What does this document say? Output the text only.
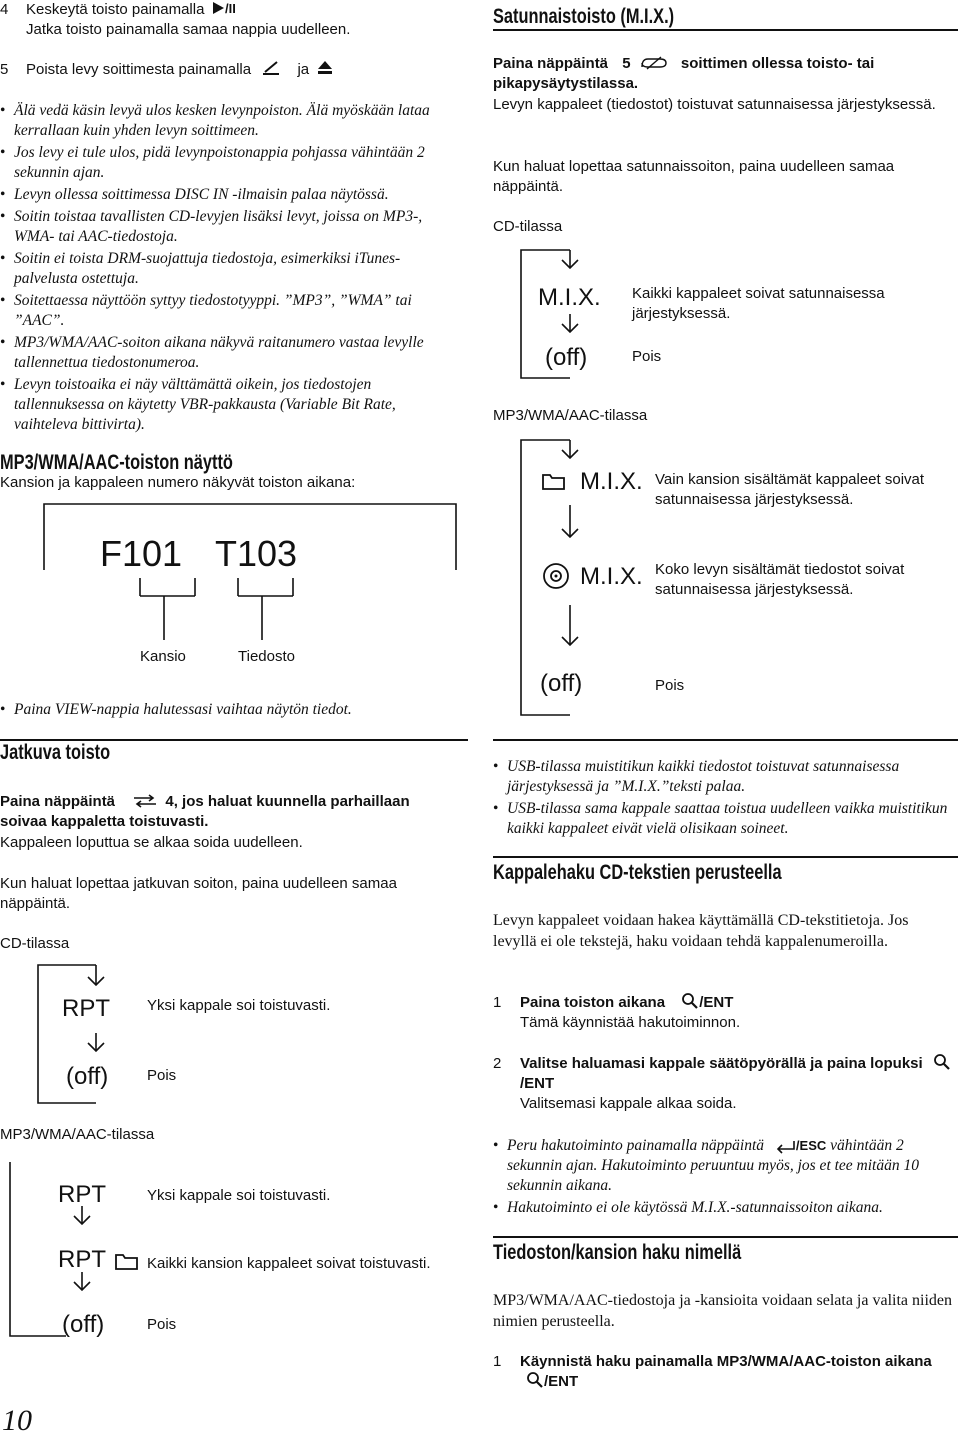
4 Keskeytä toisto painamalla /II
Jatka toisto painamalla samaa nappia uudelleen.
5 Poista levy soittimesta painamalla	ja
• Älä vedä käsin levyä ulos kesken levynpoiston. Älä myöskään lataa kerrallaan kuin yhden levyn soittimeen.
• Jos levy ei tule ulos, pidä levynpoistonappia pohjassa vähintään 2 sekunnin ajan.
• Levyn ollessa soittimessa DISC IN -ilmaisin palaa näytössä.
• Soitin toistaa tavallisten CD-levyjen lisäksi levyt, joissa on MP3-, WMA- tai AAC-tiedostoja.
• Soitin ei toista DRM-suojattuja tiedostoja, esimerkiksi iTunes-palvelusta ostettuja.
• Soitettaessa näyttöön syttyy tiedostotyyppi. ”MP3”, ”WMA” tai ”AAC”.
• MP3/WMA/AAC-soiton aikana näkyvä raitanumero vastaa levylle tallennettua tiedostonumeroa.
• Levyn toistoaika ei näy välttämättä oikein, jos tiedostojen tallennuksessa on käytetty VBR-pakkausta (Variable Bit Rate, vaihteleva bittivirta).
MP3/WMA/AAC-toiston näyttö
Kansion ja kappaleen numero näkyvät toiston aikana:
F101 T103
Kansio	Tiedosto
• Paina VIEW-nappia halutessasi vaihtaa näytön tiedot.
Jatkuva toisto
Paina näppäintä	4, jos haluat kuunnella parhaillaan soivaa kappaletta toistuvasti.
Kappaleen loputtua se alkaa soida uudelleen.
Kun haluat lopettaa jatkuvan soiton, paina uudelleen samaa näppäintä.
CD-tilassa
RPT Yksi kappale soi toistuvasti.
(off)	Pois
MP3/WMA/AAC-tilassa
RPT	Yksi kappale soi toistuvasti.
RPT	Kaikki kansion kappaleet soivat toistuvasti.
(off)	Pois
10
Satunnaistoisto (M.I.X.)
Paina näppäintä 5	soittimen ollessa toisto- tai pikapysäytystilassa.
Levyn kappaleet (tiedostot) toistuvat satunnaisessa järjestyksessä.
Kun haluat lopettaa satunnaissoiton, paina uudelleen samaa näppäintä.
CD-tilassa
M.I.X. Kaikki kappaleet soivat satunnaisessa järjestyksessä.
(off)	Pois
MP3/WMA/AAC-tilassa
M.I.X. Vain kansion sisältämät kappaleet soivat satunnaisessa järjestyksessä.
M.I.X. Koko levyn sisältämät tiedostot soivat satunnaisessa järjestyksessä.
(off)	Pois
• USB-tilassa muistitikun kaikki tiedostot toistuvat satunnaisessa järjestyksessä ja ”M.I.X.”teksti palaa.
• USB-tilassa sama kappale saattaa toistua uudelleen vaikka muistitikun kaikki kappaleet eivät vielä olisikaan soineet.
Kappalehaku CD-tekstien perusteella
Levyn kappaleet voidaan hakea käyttämällä CD-tekstitietoja. Jos levyllä ei ole tekstejä, haku voidaan tehdä kappalenumeroilla.
1 Paina toiston aikana /ENT
Tämä käynnistää hakutoiminnon.
2 Valitse haluamasi kappale säätöpyörällä ja paina lopuksi /ENT
Valitsemasi kappale alkaa soida.
• Peru hakutoiminto painamalla näppäintä /ESC vähintään 2 sekunnin ajan. Hakutoiminto peruuntuu myös, jos et tee mitään 10 sekunnin aikana.
• Hakutoiminto ei ole käytössä M.I.X.-satunnaissoiton aikana.
Tiedoston/kansion haku nimellä
MP3/WMA/AAC-tiedostoja ja -kansioita voidaan selata ja valita niiden nimien perusteella.
1 Käynnistä haku painamalla MP3/WMA/AAC-toiston aikana /ENT
